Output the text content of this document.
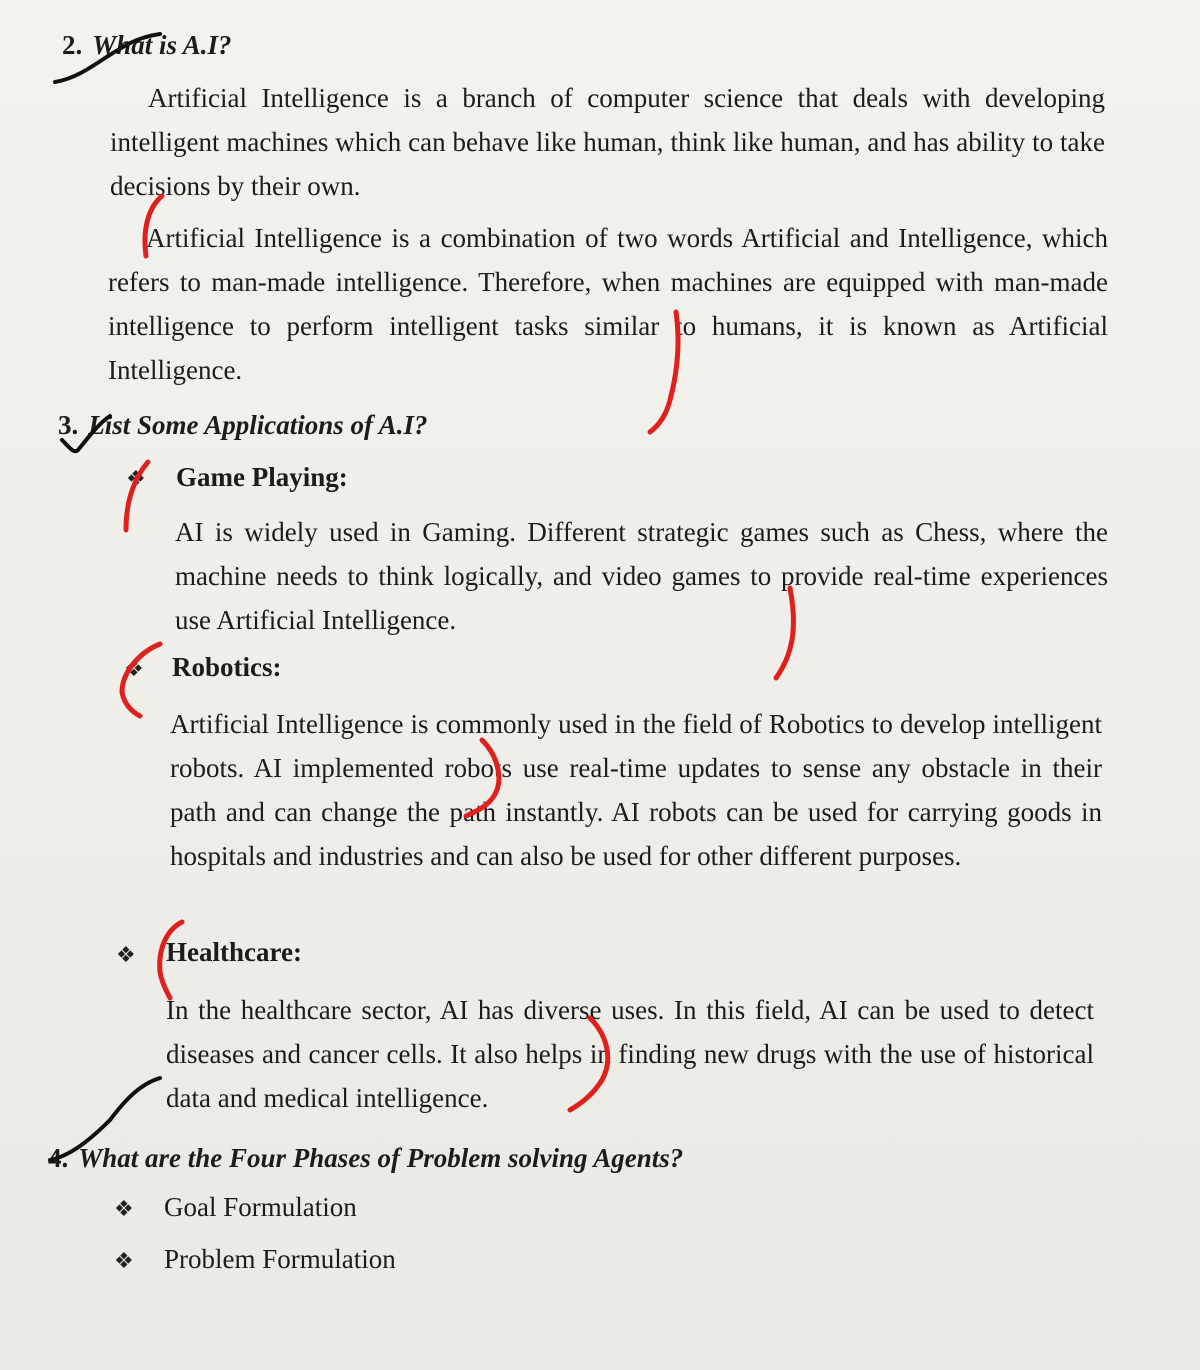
2. What is A.I?
Artificial Intelligence is a branch of computer science that deals with developing intelligent machines which can behave like human, think like human, and has ability to take decisions by their own.
Artificial Intelligence is a combination of two words Artificial and Intelligence, which refers to man-made intelligence. Therefore, when machines are equipped with man-made intelligence to perform intelligent tasks similar to humans, it is known as Artificial Intelligence.
3. List Some Applications of A.I?
❖ Game Playing:
AI is widely used in Gaming. Different strategic games such as Chess, where the machine needs to think logically, and video games to provide real-time experiences use Artificial Intelligence.
❖ Robotics:
Artificial Intelligence is commonly used in the field of Robotics to develop intelligent robots. AI implemented robots use real-time updates to sense any obstacle in their path and can change the path instantly. AI robots can be used for carrying goods in hospitals and industries and can also be used for other different purposes.
❖ Healthcare:
In the healthcare sector, AI has diverse uses. In this field, AI can be used to detect diseases and cancer cells. It also helps in finding new drugs with the use of historical data and medical intelligence.
4. What are the Four Phases of Problem solving Agents?
❖ Goal Formulation
❖ Problem Formulation
